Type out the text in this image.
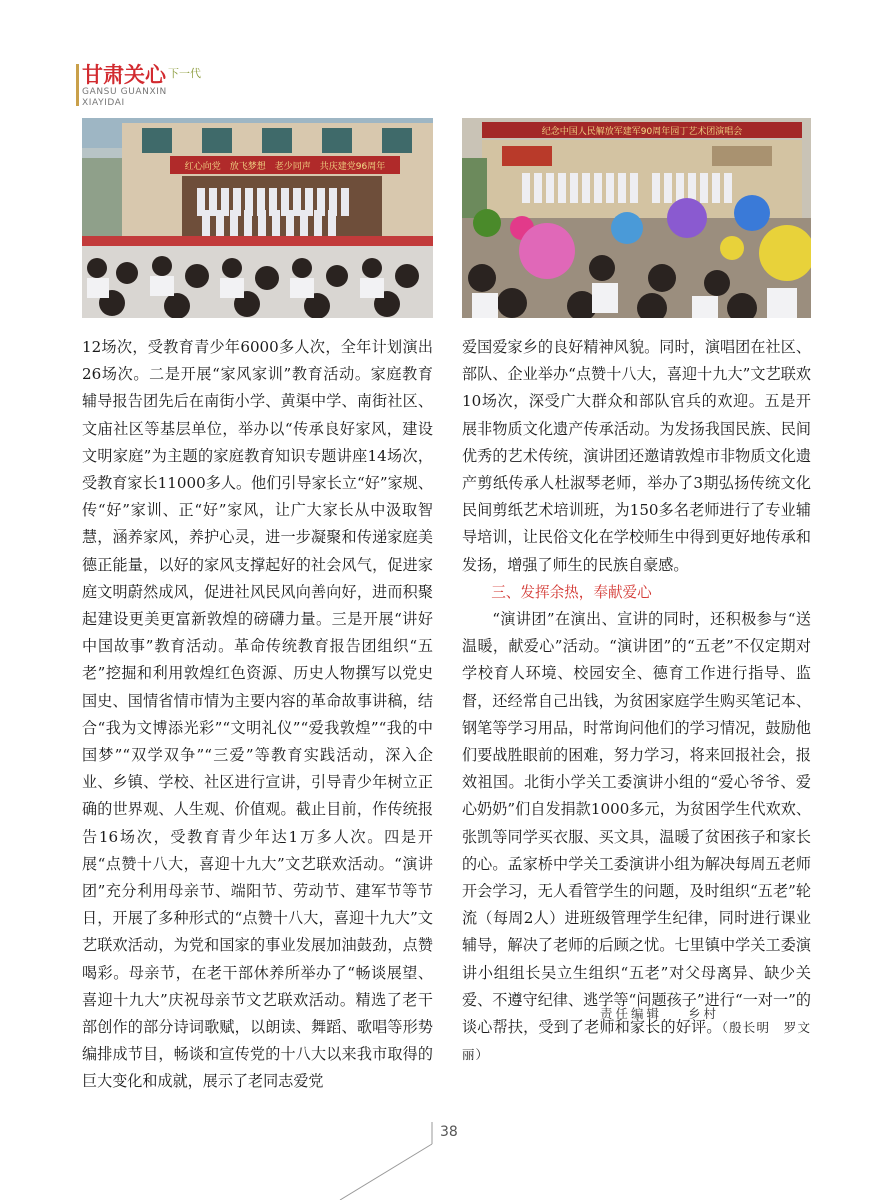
甘肃关心 下一代
GANSU GUANXIN
XIAYIDAI
红心向党　放飞梦想　老少同声　共庆建党96周年
纪念中国人民解放军建军90周年园丁艺术团演唱会

12场次，受教育青少年6000多人次，全年计划演出26场次。二是开展“家风家训”教育活动。家庭教育辅导报告团先后在南街小学、黄渠中学、南街社区、文庙社区等基层单位，举办以“传承良好家风，建设文明家庭”为主题的家庭教育知识专题讲座14场次，受教育家长11000多人。他们引导家长立“好”家规、传“好”家训、正“好”家风，让广大家长从中汲取智慧，涵养家风，养护心灵，进一步凝聚和传递家庭美德正能量，以好的家风支撑起好的社会风气，促进家庭文明蔚然成风，促进社风民风向善向好，进而积聚起建设更美更富新敦煌的磅礴力量。三是开展“讲好中国故事”教育活动。革命传统教育报告团组织“五老”挖掘和利用敦煌红色资源、历史人物撰写以党史国史、国情省情市情为主要内容的革命故事讲稿，结合“我为文博添光彩”“文明礼仪”“爱我敦煌”“我的中国梦”“双学双争”“三爱”等教育实践活动，深入企业、乡镇、学校、社区进行宣讲，引导青少年树立正确的世界观、人生观、价值观。截止目前，作传统报告16场次，受教育青少年达1万多人次。四是开展“点赞十八大，喜迎十九大”文艺联欢活动。“演讲团”充分利用母亲节、端阳节、劳动节、建军节等节日，开展了多种形式的“点赞十八大，喜迎十九大”文艺联欢活动，为党和国家的事业发展加油鼓劲，点赞喝彩。母亲节，在老干部休养所举办了“畅谈展望、喜迎十九大”庆祝母亲节文艺联欢活动。精选了老干部创作的部分诗词歌赋，以朗读、舞蹈、歌唱等形势编排成节目，畅谈和宣传党的十八大以来我市取得的巨大变化和成就，展示了老同志爱党

爱国爱家乡的良好精神风貌。同时，演唱团在社区、部队、企业举办“点赞十八大，喜迎十九大”文艺联欢10场次，深受广大群众和部队官兵的欢迎。五是开展非物质文化遗产传承活动。为发扬我国民族、民间优秀的艺术传统，演讲团还邀请敦煌市非物质文化遗产剪纸传承人杜淑琴老师，举办了3期弘扬传统文化民间剪纸艺术培训班，为150多名老师进行了专业辅导培训，让民俗文化在学校师生中得到更好地传承和发扬，增强了师生的民族自豪感。

三、发挥余热，奉献爱心

“演讲团”在演出、宣讲的同时，还积极参与“送温暖，献爱心”活动。“演讲团”的“五老”不仅定期对学校育人环境、校园安全、德育工作进行指导、监督，还经常自己出钱，为贫困家庭学生购买笔记本、钢笔等学习用品，时常询问他们的学习情况，鼓励他们要战胜眼前的困难，努力学习，将来回报社会，报效祖国。北街小学关工委演讲小组的“爱心爷爷、爱心奶奶”们自发捐款1000多元，为贫困学生代欢欢、张凯等同学买衣服、买文具，温暖了贫困孩子和家长的心。孟家桥中学关工委演讲小组为解决每周五老师开会学习，无人看管学生的问题，及时组织“五老”轮流（每周2人）进班级管理学生纪律，同时进行课业辅导，解决了老师的后顾之忧。七里镇中学关工委演讲小组组长吴立生组织“五老”对父母离异、缺少关爱、不遵守纪律、逃学等“问题孩子”进行“一对一”的谈心帮扶，受到了老师和家长的好评。（殷长明　罗文丽）

责任编辑 乡村
38
